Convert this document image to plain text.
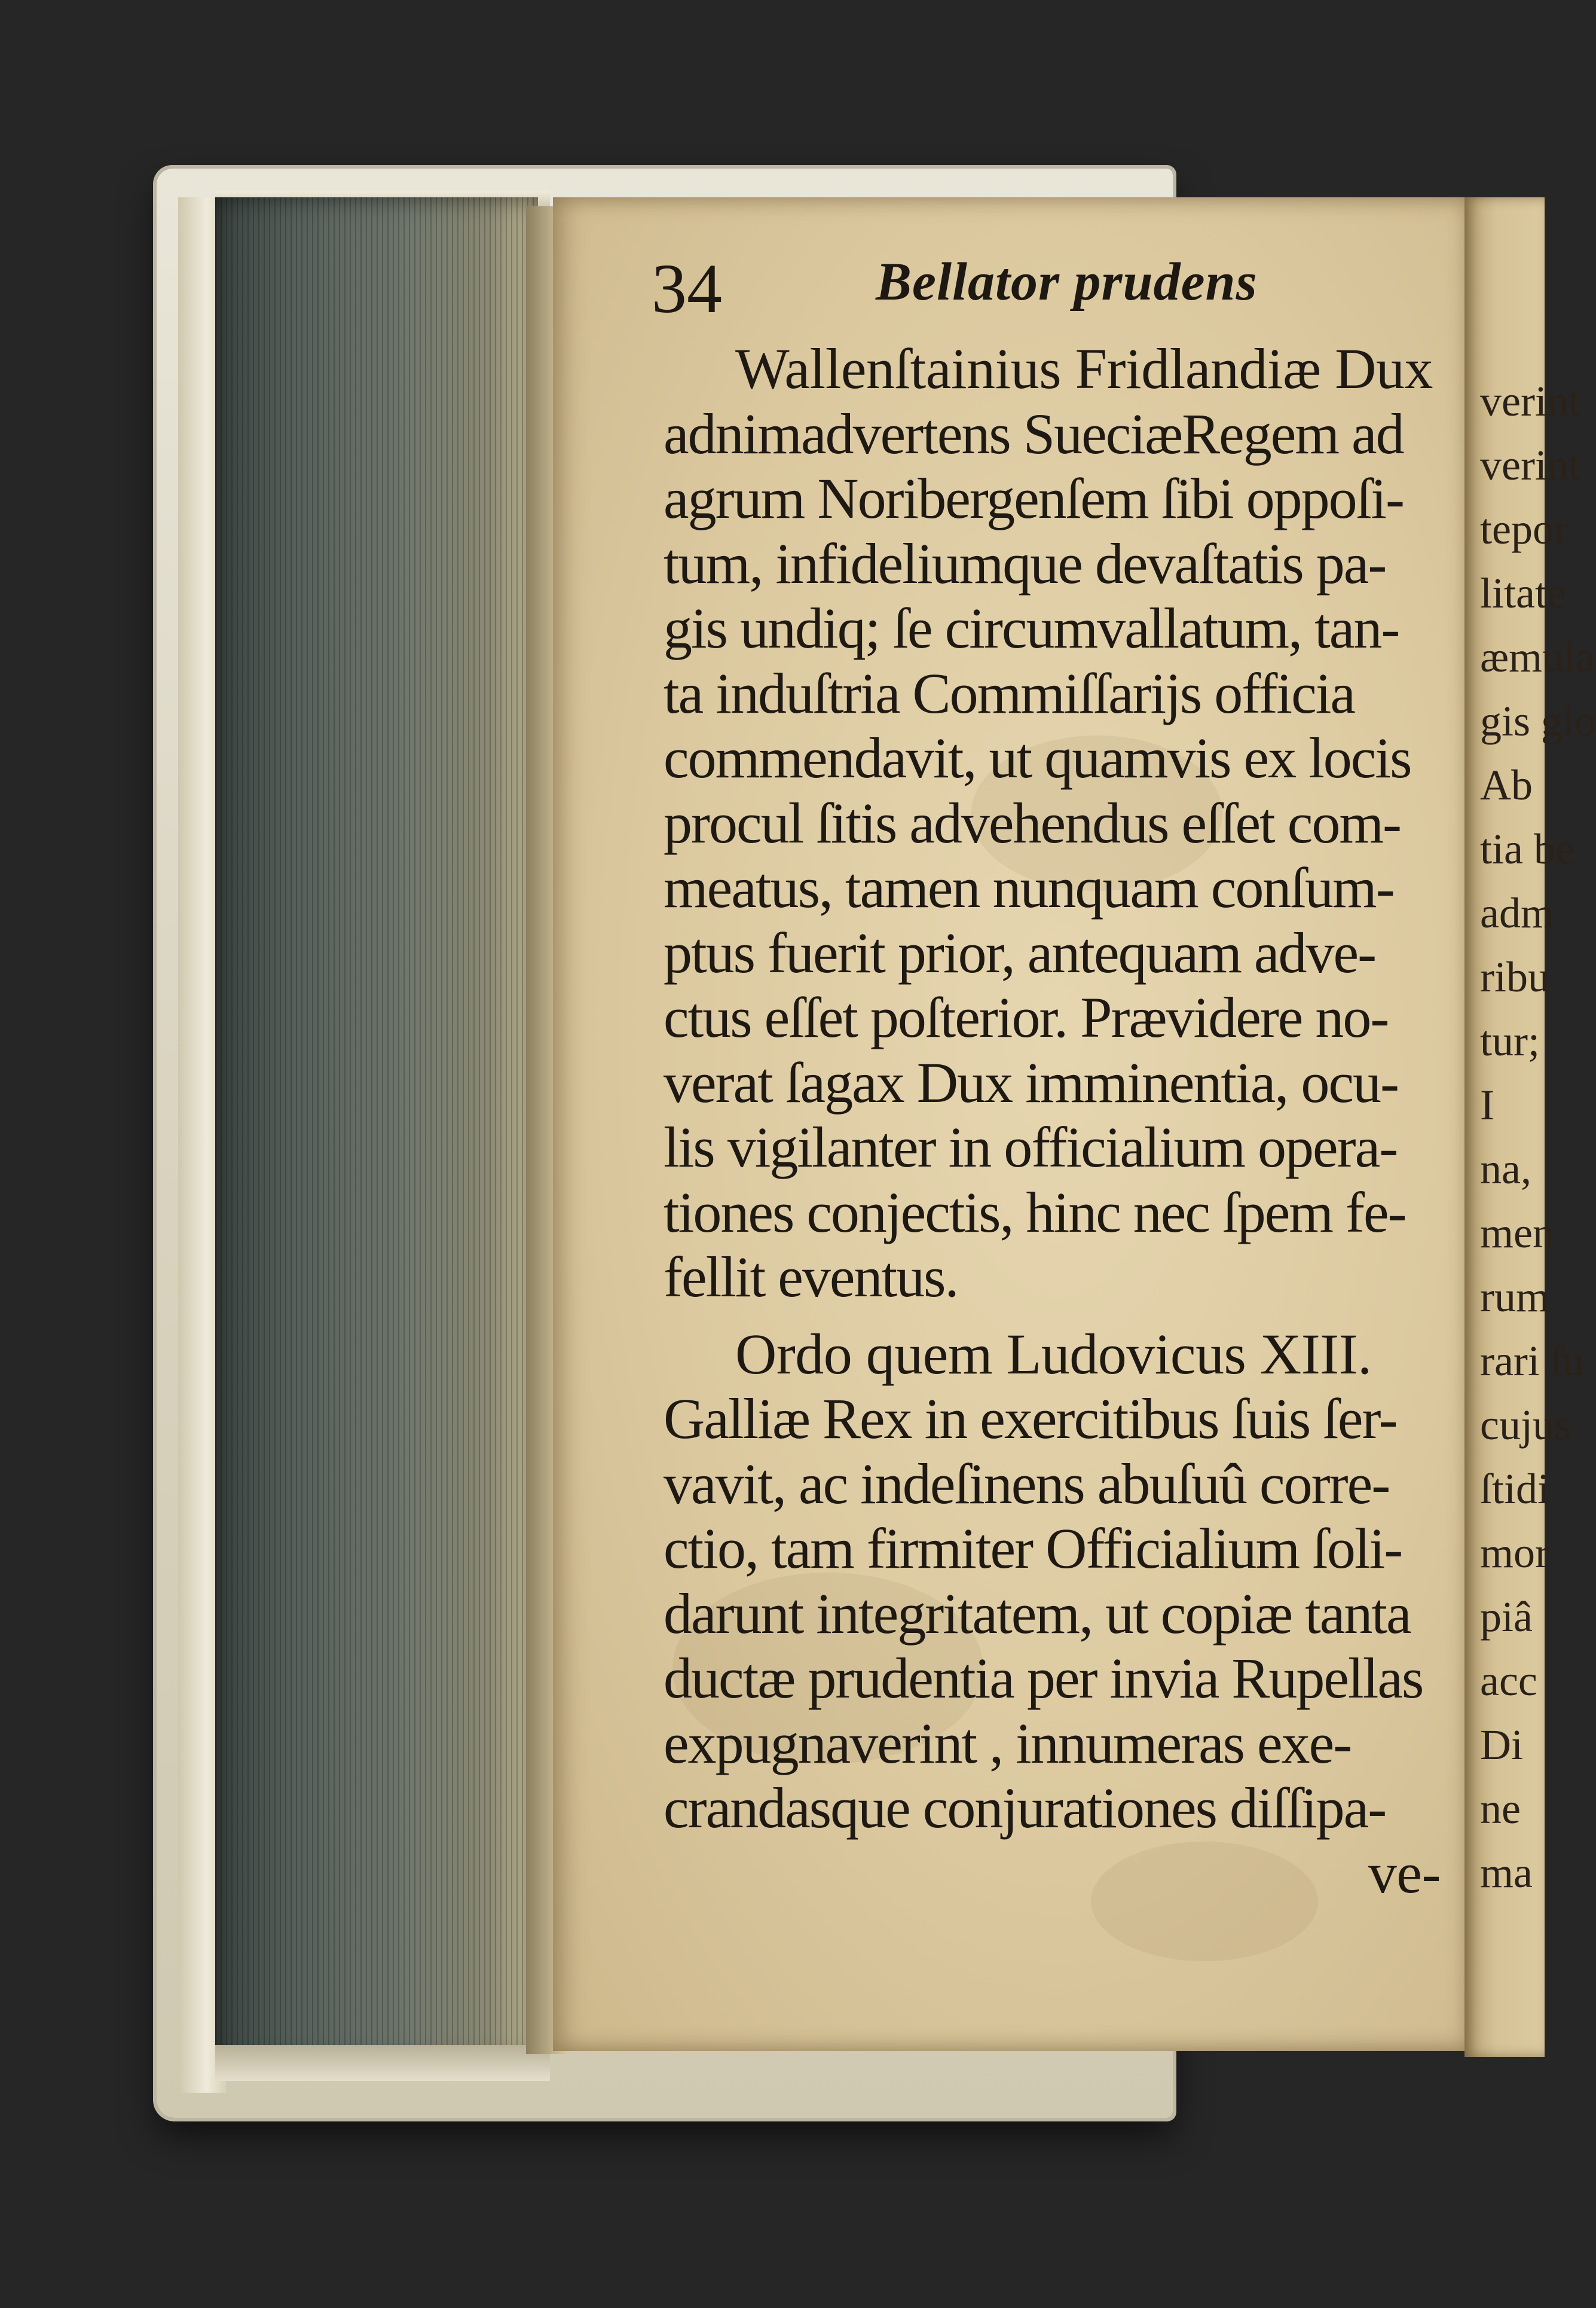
verint
verint
tepor
litate
æmula
gis glo
Ab
tia be
adm
ribu
tur;
I
na,
men
rum
rari ſu
cujus
ſtidi
mor
piâ
acc
Di
ne
ma
34	Bellator prudens
Wallenſtainius Fridlandiæ Dux
adnimadvertens SueciæRegem ad
agrum Noribergenſem ſibi oppoſi-
tum, infideliumque devaſtatis pa-
gis undiq; ſe circumvallatum, tan-
ta induſtria Commiſſarijs officia
commendavit, ut quamvis ex locis
procul ſitis advehendus eſſet com-
meatus, tamen nunquam conſum-
ptus fuerit prior, antequam adve-
ctus eſſet poſterior. Prævidere no-
verat ſagax Dux imminentia, ocu-
lis vigilanter in officialium opera-
tiones conjectis, hinc nec ſpem fe-
fellit eventus.
Ordo quem Ludovicus XIII.
Galliæ Rex in exercitibus ſuis ſer-
vavit, ac indeſinens abuſuû corre-
ctio, tam firmiter Officialium ſoli-
darunt integritatem, ut copiæ tanta
ductæ prudentia per invia Rupellas
expugnaverint , innumeras exe-
crandasque conjurationes diſſipa-
ve-
